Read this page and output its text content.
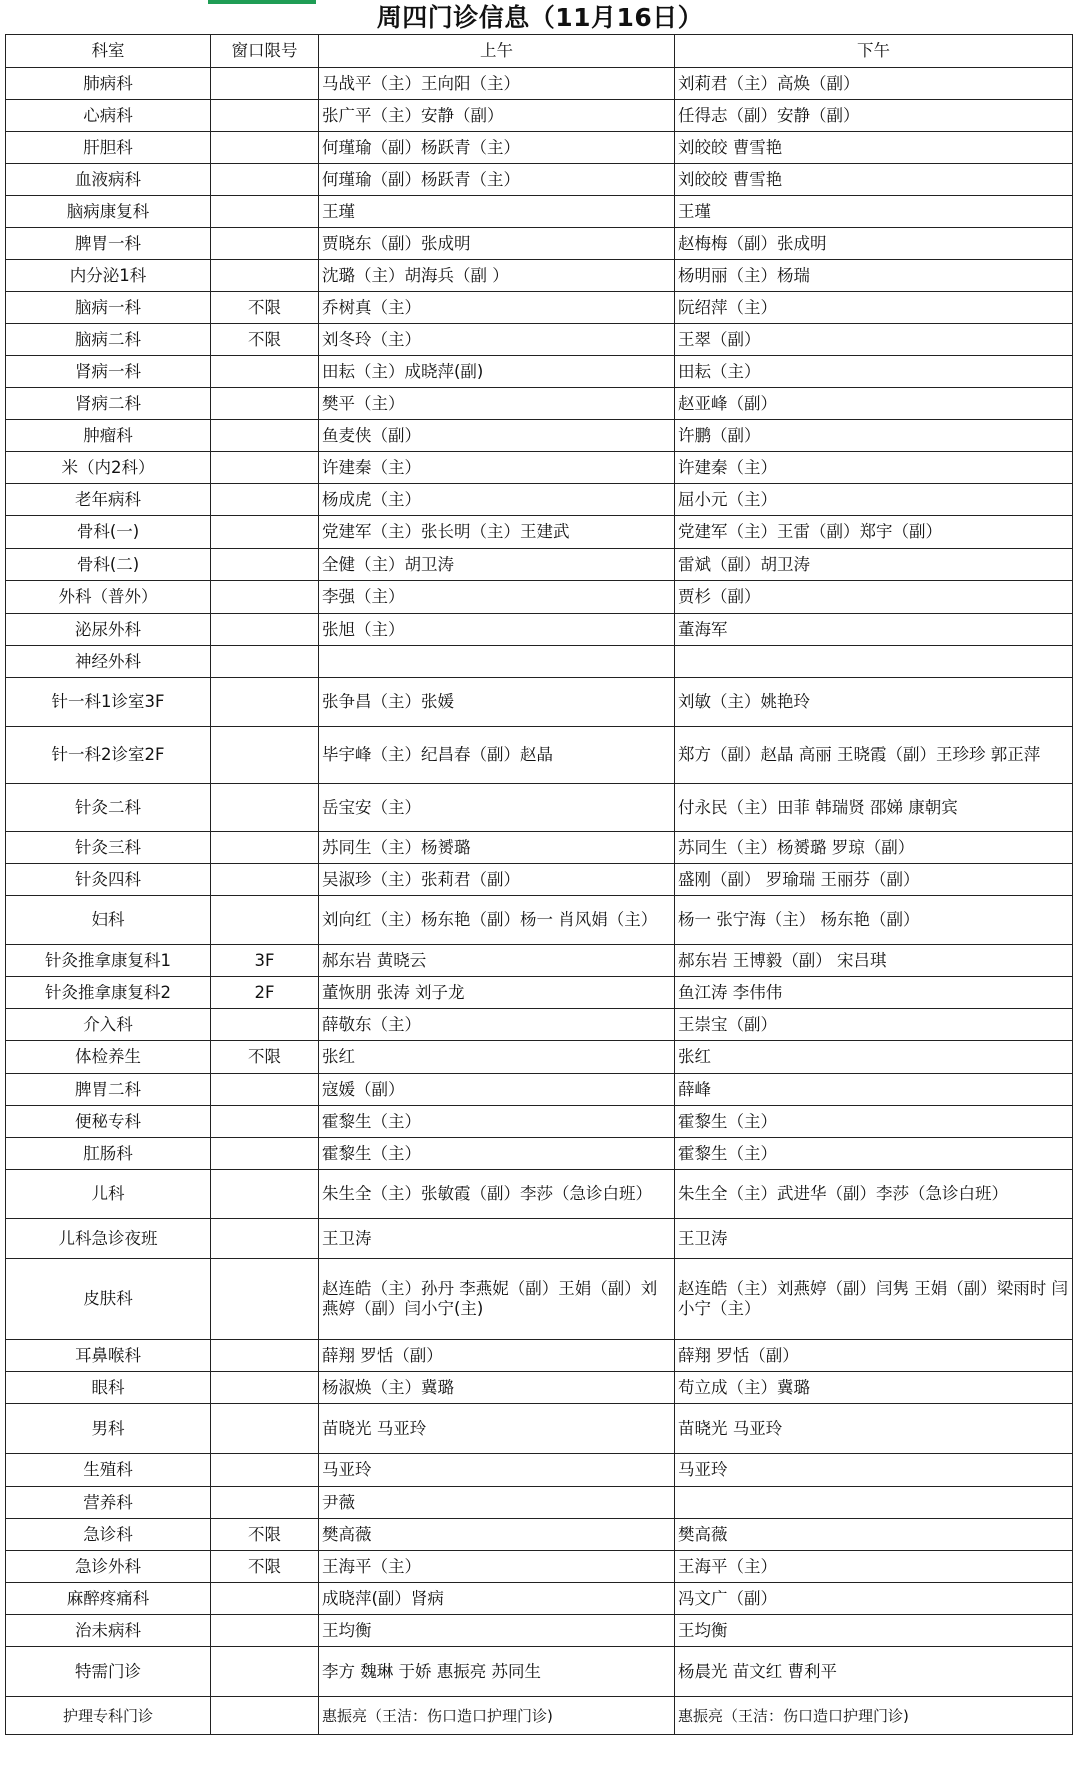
周四门诊信息（11月16日）
科室	窗口限号	上午	下午
肺病科		马战平（主）王向阳（主）	刘莉君（主）高焕（副）
心病科		张广平（主）安静（副）	任得志（副）安静（副）
肝胆科		何瑾瑜（副）杨跃青（主）	刘皎皎 曹雪艳
血液病科		何瑾瑜（副）杨跃青（主）	刘皎皎 曹雪艳
脑病康复科		王瑾	王瑾
脾胃一科		贾晓东（副）张成明	赵梅梅（副）张成明
内分泌1科		沈璐（主）胡海兵（副 ）	杨明丽（主）杨瑞
脑病一科	不限	乔树真（主）	阮绍萍（主）
脑病二科	不限	刘冬玲（主）	王翠（副）
肾病一科		田耘（主）成晓萍(副)	田耘（主）
肾病二科		樊平（主）	赵亚峰（副）
肿瘤科		鱼麦侠（副）	许鹏（副）
米（内2科）		许建秦（主）	许建秦（主）
老年病科		杨成虎（主）	屈小元（主）
骨科(一)		党建军（主）张长明（主）王建武	党建军（主）王雷（副）郑宇（副）
骨科(二)		全健（主）胡卫涛	雷斌（副）胡卫涛
外科（普外）		李强（主）	贾杉（副）
泌尿外科		张旭（主）	董海军
神经外科			
针一科1诊室3F		张争昌（主）张媛	刘敏（主）姚艳玲
针一科2诊室2F		毕宇峰（主）纪昌春（副）赵晶	郑方（副）赵晶 高丽 王晓霞（副）王珍珍 郭正萍
针灸二科		岳宝安（主）	付永民（主）田菲 韩瑞贤 邵娣 康朝宾
针灸三科		苏同生（主）杨赟璐	苏同生（主）杨赟璐 罗琼（副）
针灸四科		吴淑珍（主）张莉君（副）	盛刚（副） 罗瑜瑞 王丽芬（副）
妇科		刘向红（主）杨东艳（副）杨一 肖风娟（主）	杨一 张宁海（主） 杨东艳（副）
针灸推拿康复科1	3F	郝东岩 黄晓云	郝东岩 王博毅（副） 宋吕琪
针灸推拿康复科2	2F	董恢朋 张涛 刘子龙	鱼江涛 李伟伟
介入科		薛敬东（主）	王崇宝（副）
体检养生	不限	张红	张红
脾胃二科		寇媛（副）	薛峰
便秘专科		霍黎生（主）	霍黎生（主）
肛肠科		霍黎生（主）	霍黎生（主）
儿科		朱生全（主）张敏霞（副）李莎（急诊白班）	朱生全（主）武进华（副）李莎（急诊白班）
儿科急诊夜班		王卫涛	王卫涛
皮肤科		赵连皓（主）孙丹 李燕妮（副）王娟（副）刘燕婷（副）闫小宁(主)	赵连皓（主）刘燕婷（副）闫隽 王娟（副）梁雨时 闫小宁（主）
耳鼻喉科		薛翔 罗恬（副）	薛翔 罗恬（副）
眼科		杨淑焕（主）冀璐	苟立成（主）冀璐
男科		苗晓光 马亚玲	苗晓光 马亚玲
生殖科		马亚玲	马亚玲
营养科		尹薇	
急诊科	不限	樊高薇	樊高薇
急诊外科	不限	王海平（主）	王海平（主）
麻醉疼痛科		成晓萍(副）肾病	冯文广（副）
治未病科		王均衡	王均衡
特需门诊		李方 魏琳 于娇 惠振亮 苏同生	杨晨光 苗文红 曹利平
护理专科门诊		惠振亮（王洁：伤口造口护理门诊)	惠振亮（王洁：伤口造口护理门诊)
